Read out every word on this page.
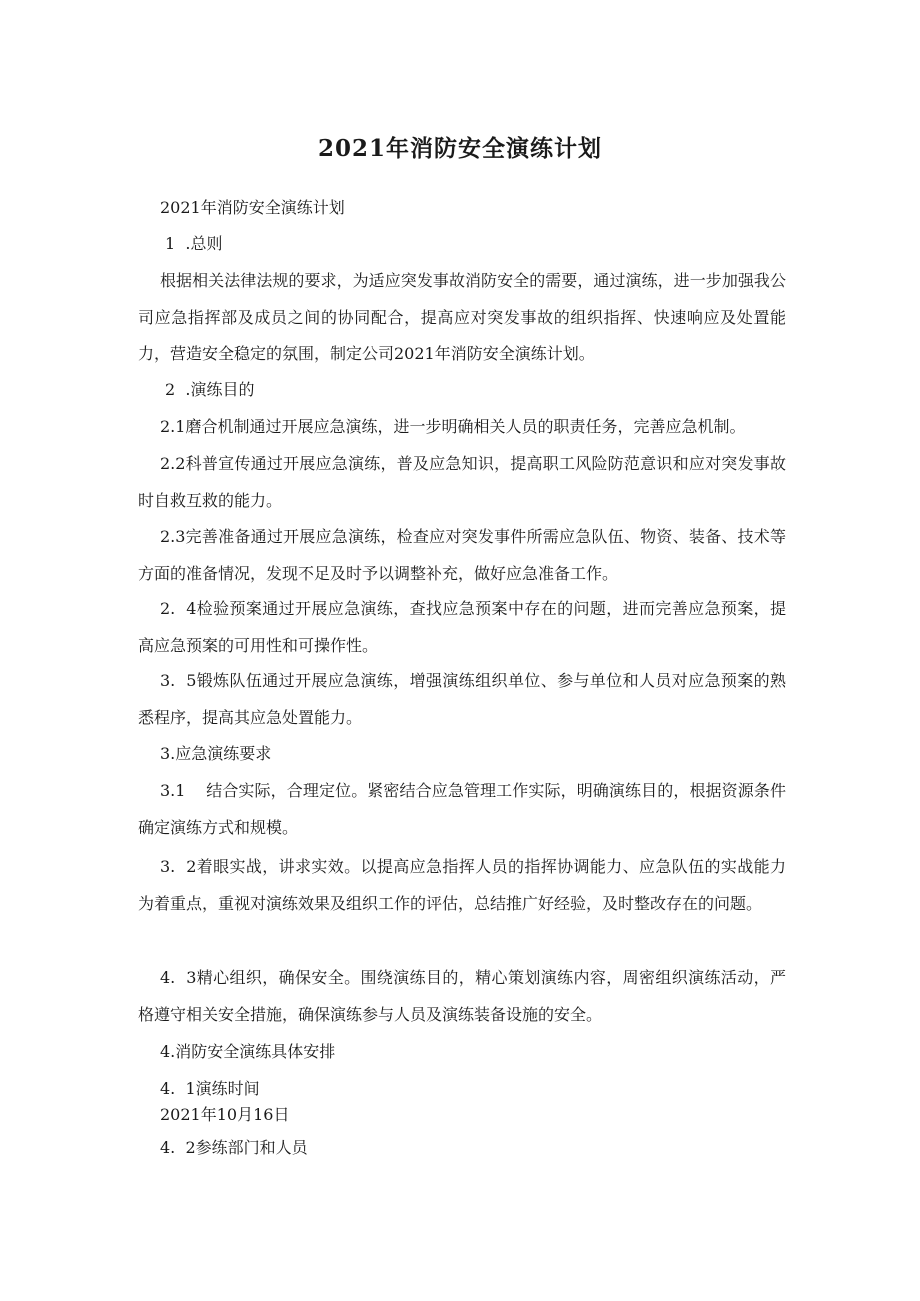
2021年消防安全演练计划

2021年消防安全演练计划

1  .总则

根据相关法律法规的要求，为适应突发事故消防安全的需要，通过演练，进一步加强我公司应急指挥部及成员之间的协同配合，提高应对突发事故的组织指挥、快速响应及处置能力，营造安全稳定的氛围，制定公司2021年消防安全演练计划。

2  .演练目的

2.1磨合机制通过开展应急演练，进一步明确相关人员的职责任务，完善应急机制。

2.2科普宣传通过开展应急演练，普及应急知识，提高职工风险防范意识和应对突发事故时自救互救的能力。

2.3完善准备通过开展应急演练，检查应对突发事件所需应急队伍、物资、装备、技术等方面的准备情况，发现不足及时予以调整补充，做好应急准备工作。

2.  4检验预案通过开展应急演练，查找应急预案中存在的问题，进而完善应急预案，提高应急预案的可用性和可操作性。

3.  5锻炼队伍通过开展应急演练，增强演练组织单位、参与单位和人员对应急预案的熟悉程序，提高其应急处置能力。

3.应急演练要求

3.1    结合实际，合理定位。紧密结合应急管理工作实际，明确演练目的，根据资源条件确定演练方式和规模。

3.  2着眼实战，讲求实效。以提高应急指挥人员的指挥协调能力、应急队伍的实战能力为着重点，重视对演练效果及组织工作的评估，总结推广好经验，及时整改存在的问题。

4.  3精心组织，确保安全。围绕演练目的，精心策划演练内容，周密组织演练活动，严格遵守相关安全措施，确保演练参与人员及演练装备设施的安全。

4.消防安全演练具体安排

4.  1演练时间

2021年10月16日

4.  2参练部门和人员
